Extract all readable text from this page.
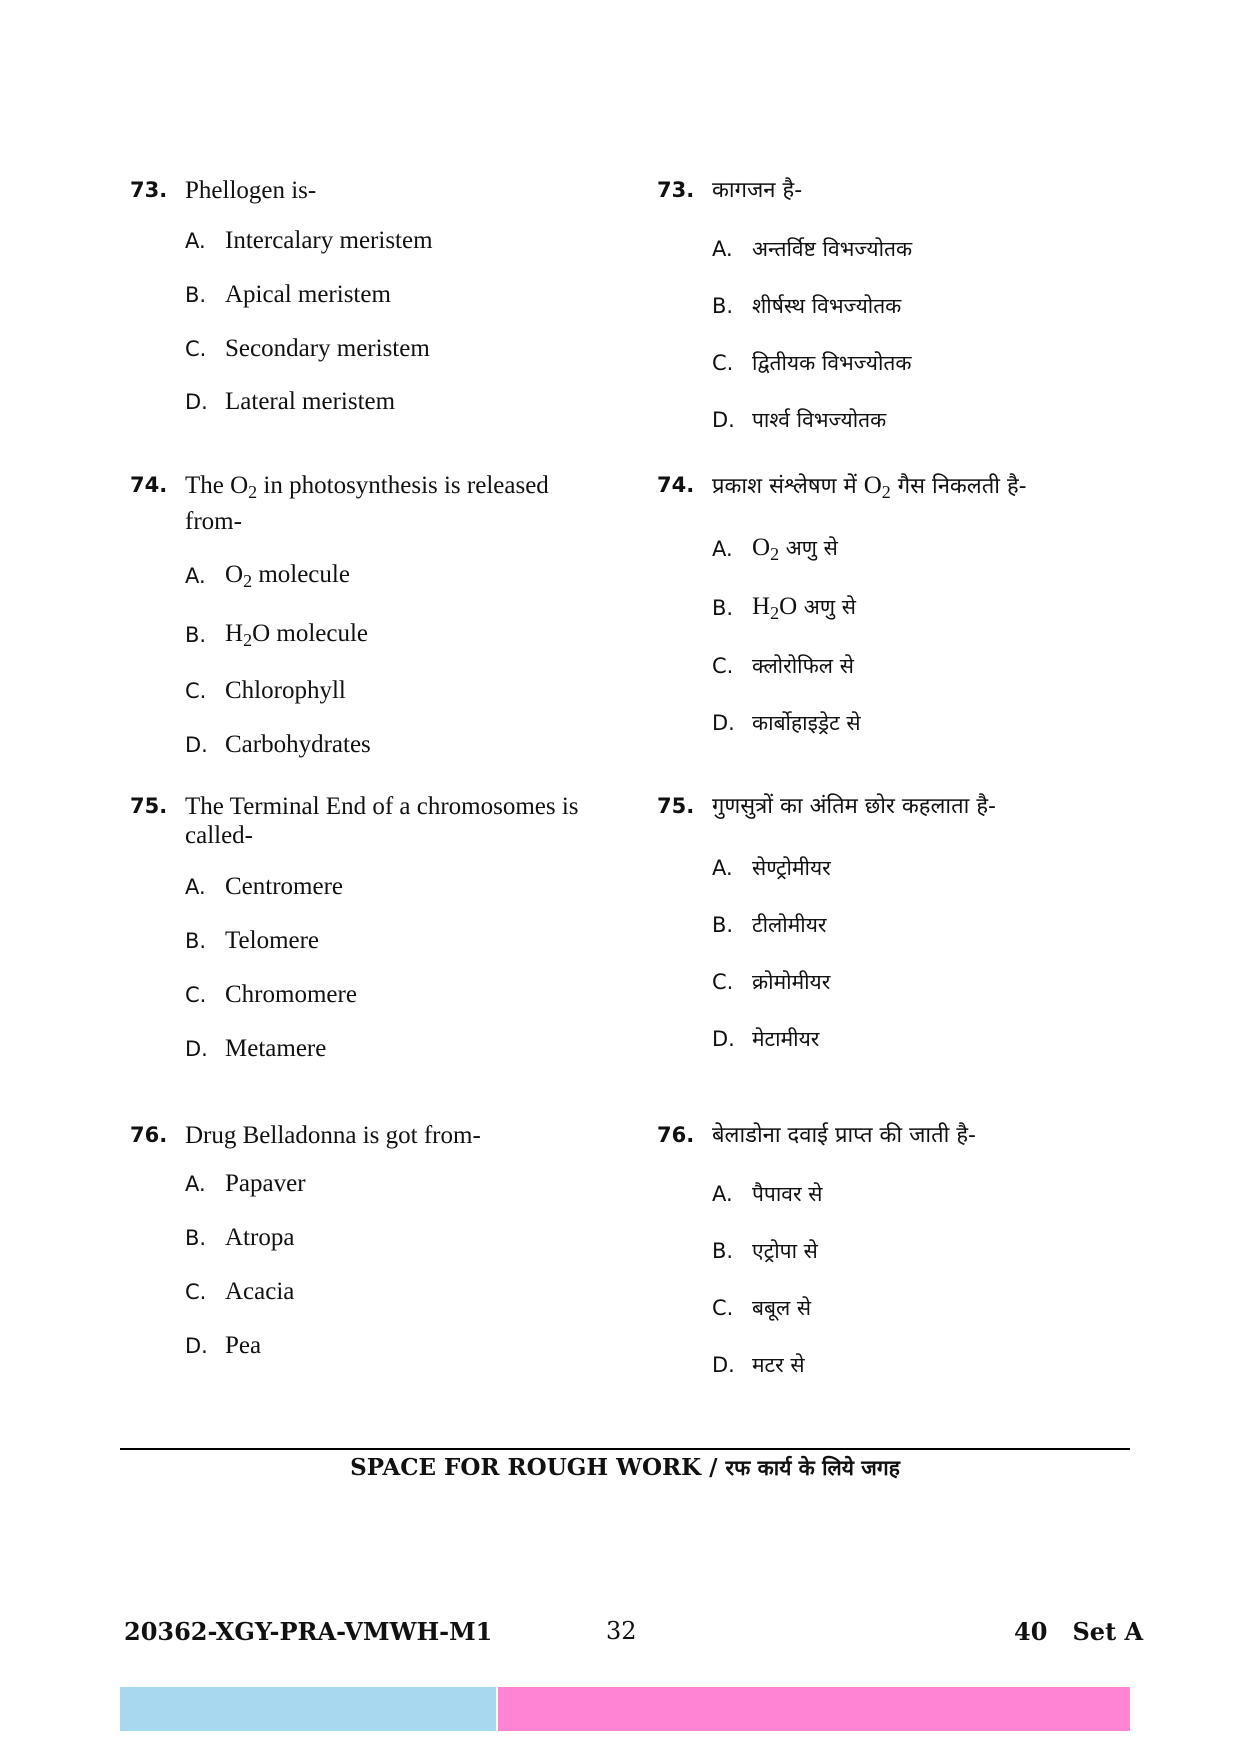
73. Phellogen is-
A. Intercalary meristem
B. Apical meristem
C. Secondary meristem
D. Lateral meristem
73. कागजन है-
A. अन्तर्विष्ट विभज्योतक
B. शीर्षस्थ विभज्योतक
C. द्वितीयक विभज्योतक
D. पार्श्व विभज्योतक
74. The $O_2$ in photosynthesis is released
from-
A. $O_2$ molecule
B. $H_2O$ molecule
C. Chlorophyll
D. Carbohydrates
74. प्रकाश संश्लेषण में $O_2$ गैस निकलती है-
A. $O_2$ अणु से
B. $H_2O$ अणु से
C. क्लोरोफिल से
D. कार्बोहाइड्रेट से
75. The Terminal End of a chromosomes is
called-
A. Centromere
B. Telomere
C. Chromomere
D. Metamere
75. गुणसुत्रों का अंतिम छोर कहलाता है-
A. सेण्ट्रोमीयर
B. टीलोमीयर
C. क्रोमोमीयर
D. मेटामीयर
76. Drug Belladonna is got from-
A. Papaver
B. Atropa
C. Acacia
D. Pea
76. बेलाडोना दवाई प्राप्त की जाती है-
A. पैपावर से
B. एट्रोपा से
C. बबूल से
D. मटर से
SPACE FOR ROUGH WORK / रफ कार्य के लिये जगह
20362-XGY-PRA-VMWH-M1	32	40   Set A
